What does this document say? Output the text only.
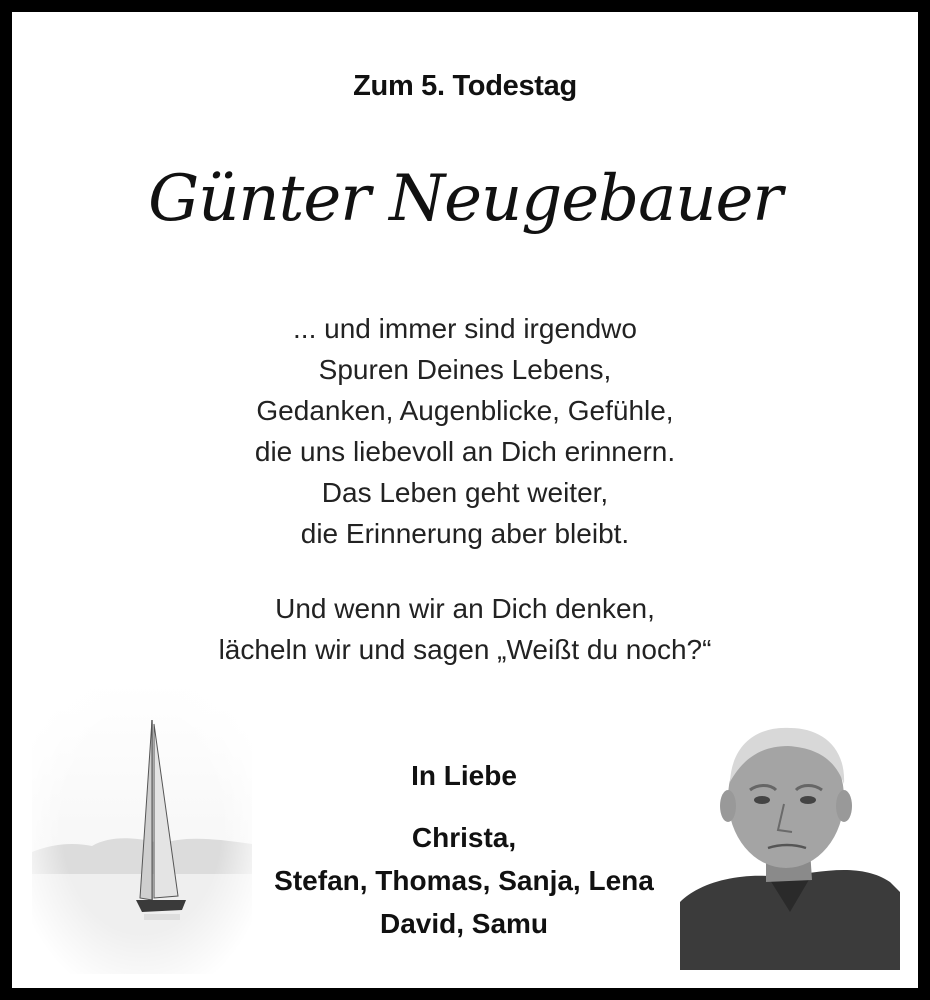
Zum 5. Todestag
Günter Neugebauer
... und immer sind irgendwo
Spuren Deines Lebens,
Gedanken, Augenblicke, Gefühle,
die uns liebevoll an Dich erinnern.
Das Leben geht weiter,
die Erinnerung aber bleibt.
Und wenn wir an Dich denken,
lächeln wir und sagen „Weißt du noch?“
In Liebe
Christa,
Stefan, Thomas, Sanja, Lena
David, Samu
